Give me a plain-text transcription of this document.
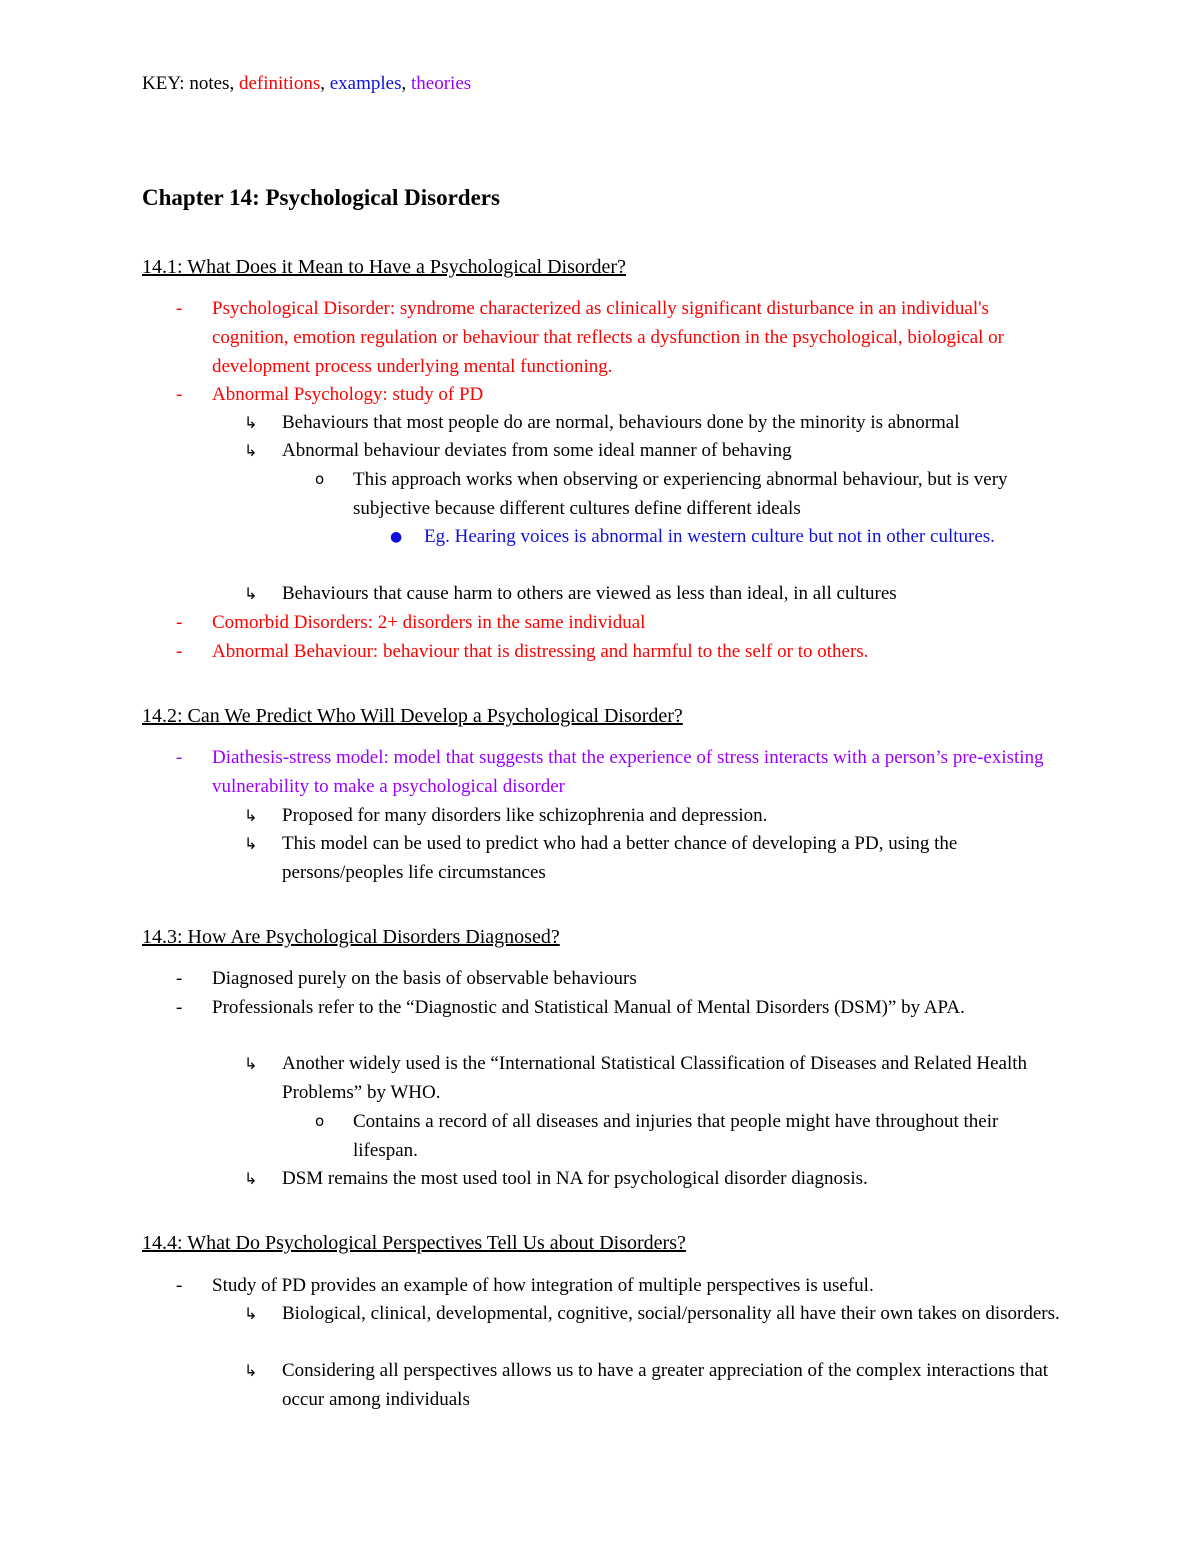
KEY: notes, definitions, examples, theories
Chapter 14: Psychological Disorders
14.1: What Does it Mean to Have a Psychological Disorder?
- Psychological Disorder: syndrome characterized as clinically significant disturbance in an individual's cognition, emotion regulation or behaviour that reflects a dysfunction in the psychological, biological or development process underlying mental functioning.
- Abnormal Psychology: study of PD
↳ Behaviours that most people do are normal, behaviours done by the minority is abnormal
↳ Abnormal behaviour deviates from some ideal manner of behaving
o This approach works when observing or experiencing abnormal behaviour, but is very subjective because different cultures define different ideals
● Eg. Hearing voices is abnormal in western culture but not in other cultures.
↳ Behaviours that cause harm to others are viewed as less than ideal, in all cultures
- Comorbid Disorders: 2+ disorders in the same individual
- Abnormal Behaviour: behaviour that is distressing and harmful to the self or to others.
14.2: Can We Predict Who Will Develop a Psychological Disorder?
- Diathesis-stress model: model that suggests that the experience of stress interacts with a person’s pre-existing vulnerability to make a psychological disorder
↳ Proposed for many disorders like schizophrenia and depression.
↳ This model can be used to predict who had a better chance of developing a PD, using the persons/peoples life circumstances
14.3: How Are Psychological Disorders Diagnosed?
- Diagnosed purely on the basis of observable behaviours
- Professionals refer to the “Diagnostic and Statistical Manual of Mental Disorders (DSM)” by APA.
↳ Another widely used is the “International Statistical Classification of Diseases and Related Health Problems” by WHO.
o Contains a record of all diseases and injuries that people might have throughout their lifespan.
↳ DSM remains the most used tool in NA for psychological disorder diagnosis.
14.4: What Do Psychological Perspectives Tell Us about Disorders?
- Study of PD provides an example of how integration of multiple perspectives is useful.
↳ Biological, clinical, developmental, cognitive, social/personality all have their own takes on disorders.
↳ Considering all perspectives allows us to have a greater appreciation of the complex interactions that occur among individuals
